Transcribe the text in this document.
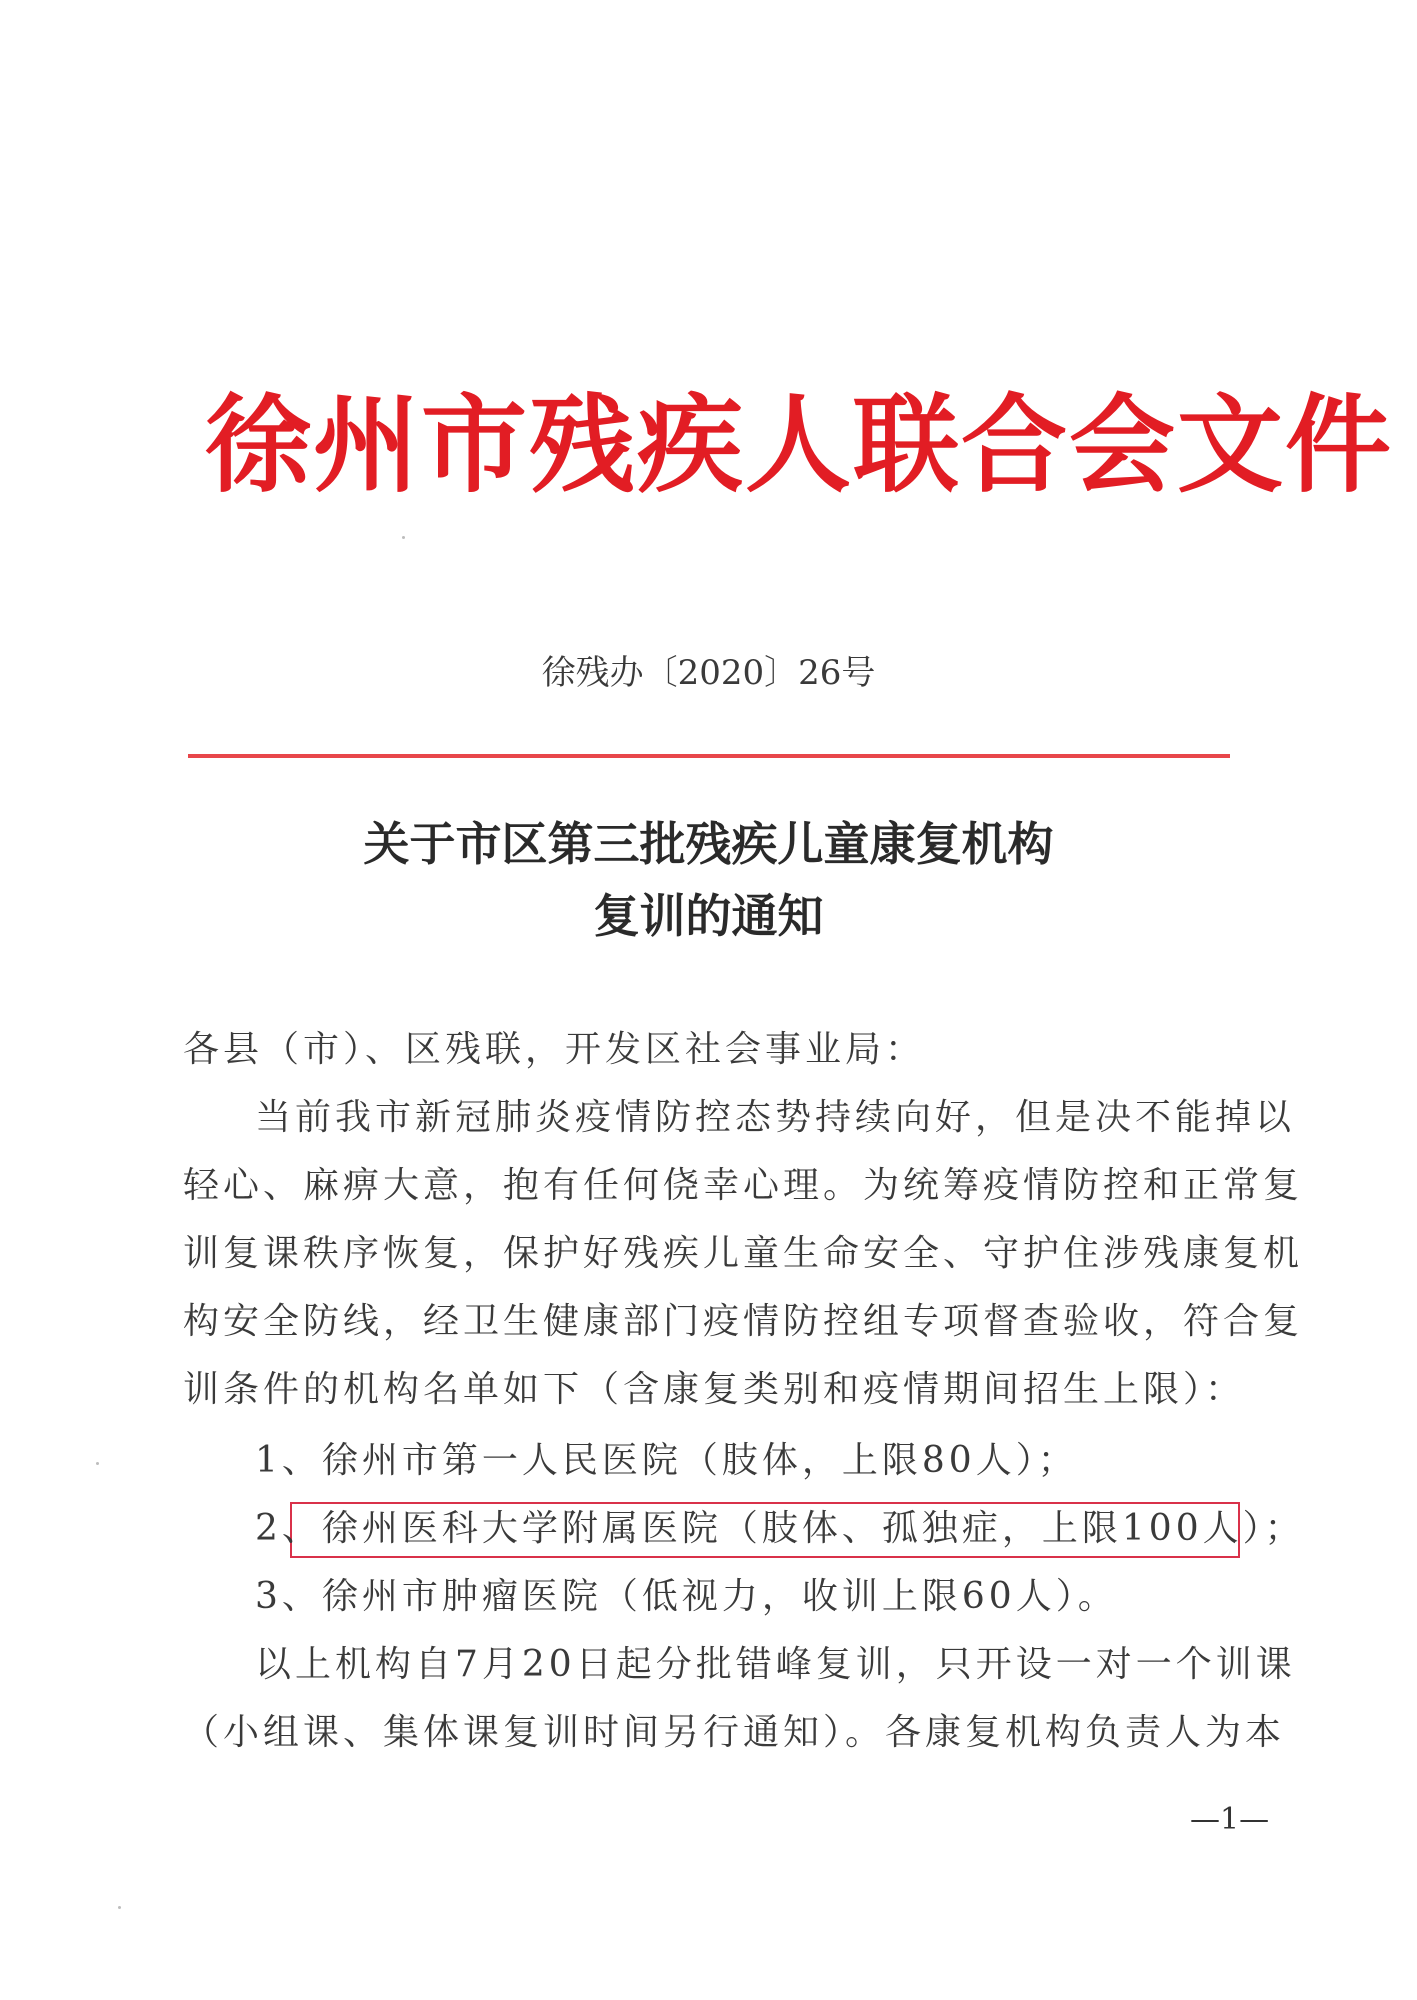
徐州市残疾人联合会文件
徐残办〔2020〕26号
关于市区第三批残疾儿童康复机构
复训的通知
各县（市）、区残联，开发区社会事业局：
当前我市新冠肺炎疫情防控态势持续向好，但是决不能掉以
轻心、麻痹大意，抱有任何侥幸心理。为统筹疫情防控和正常复
训复课秩序恢复，保护好残疾儿童生命安全、守护住涉残康复机
构安全防线，经卫生健康部门疫情防控组专项督查验收，符合复
训条件的机构名单如下（含康复类别和疫情期间招生上限）：
1、徐州市第一人民医院（肢体，上限80人）；
2、徐州医科大学附属医院（肢体、孤独症，上限100人）；
3、徐州市肿瘤医院（低视力，收训上限60人）。
以上机构自7月20日起分批错峰复训，只开设一对一个训课
（小组课、集体课复训时间另行通知）。各康复机构负责人为本
—1—
